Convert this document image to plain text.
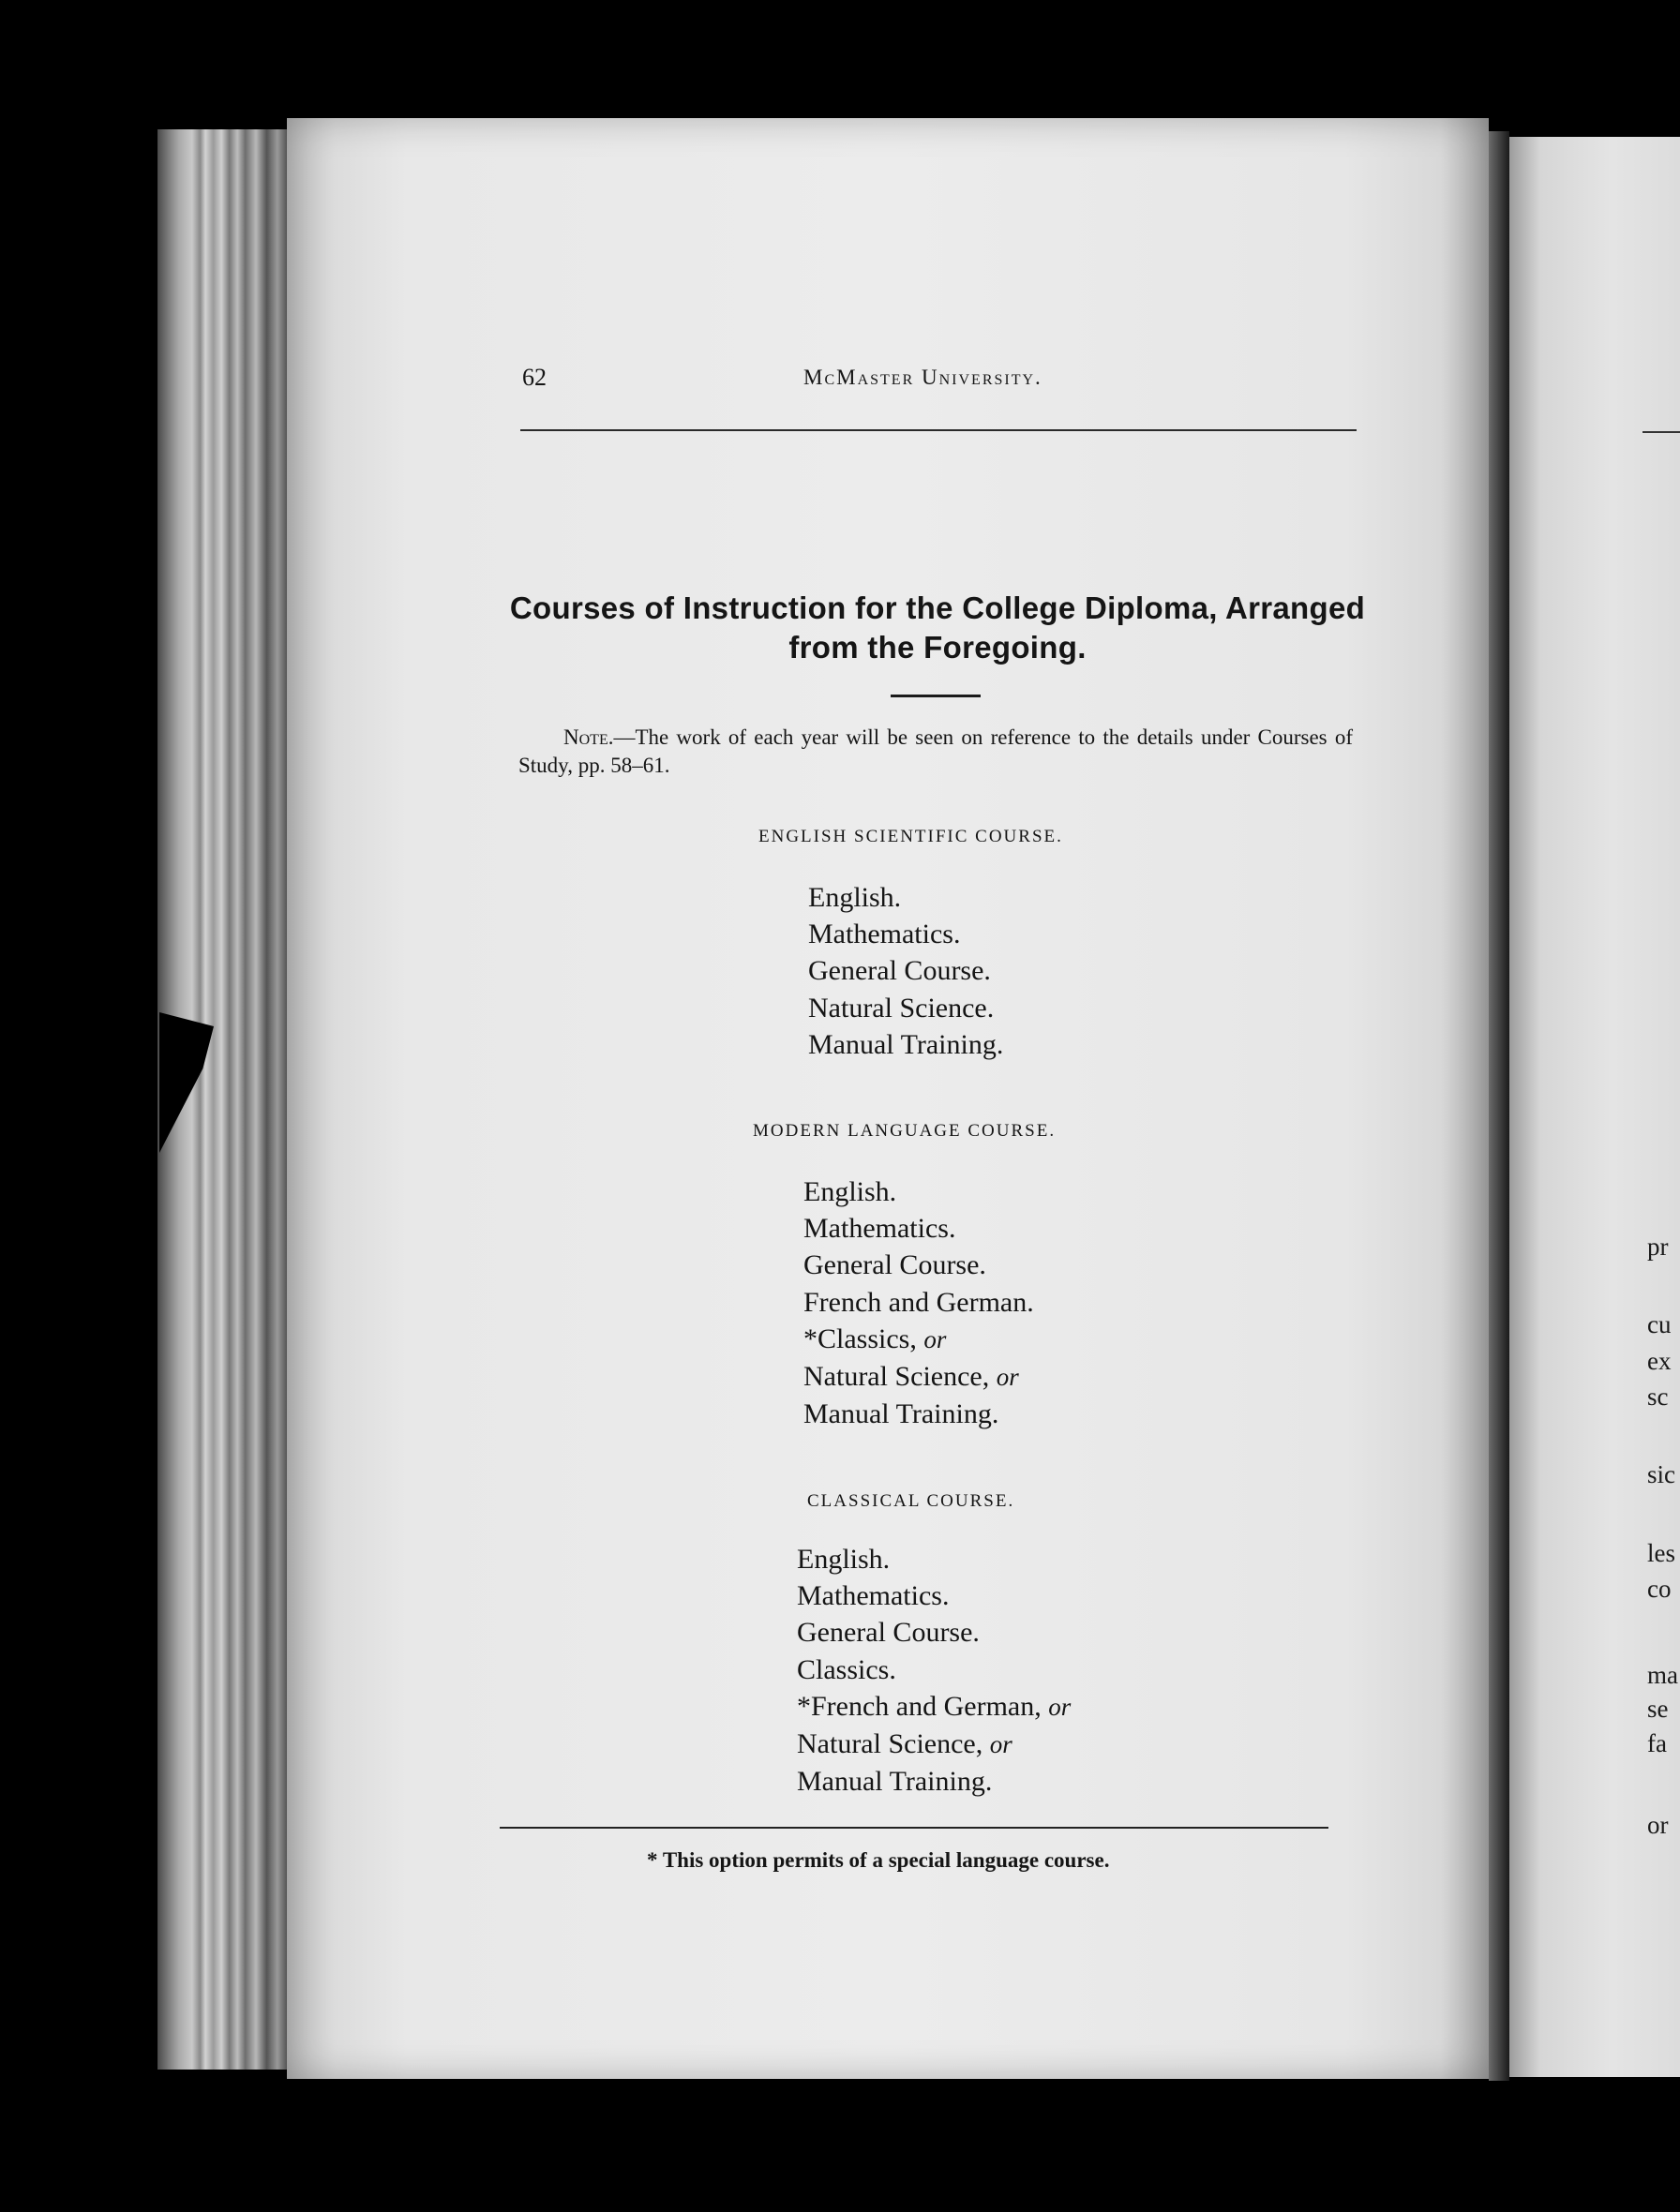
pr
cu
ex
sc
sic
les
co
ma
se
fa
or
62	McMaster University.
Courses of Instruction for the College Diploma, Arranged
from the Foregoing.
Note.—The work of each year will be seen on reference to the details under Courses of Study, pp. 58–61.
ENGLISH SCIENTIFIC COURSE.
English.
Mathematics.
General Course.
Natural Science.
Manual Training.
MODERN LANGUAGE COURSE.
English.
Mathematics.
General Course.
French and German.
*Classics, or
Natural Science, or
Manual Training.
CLASSICAL COURSE.
English.
Mathematics.
General Course.
Classics.
*French and German, or
Natural Science, or
Manual Training.
* This option permits of a special language course.
